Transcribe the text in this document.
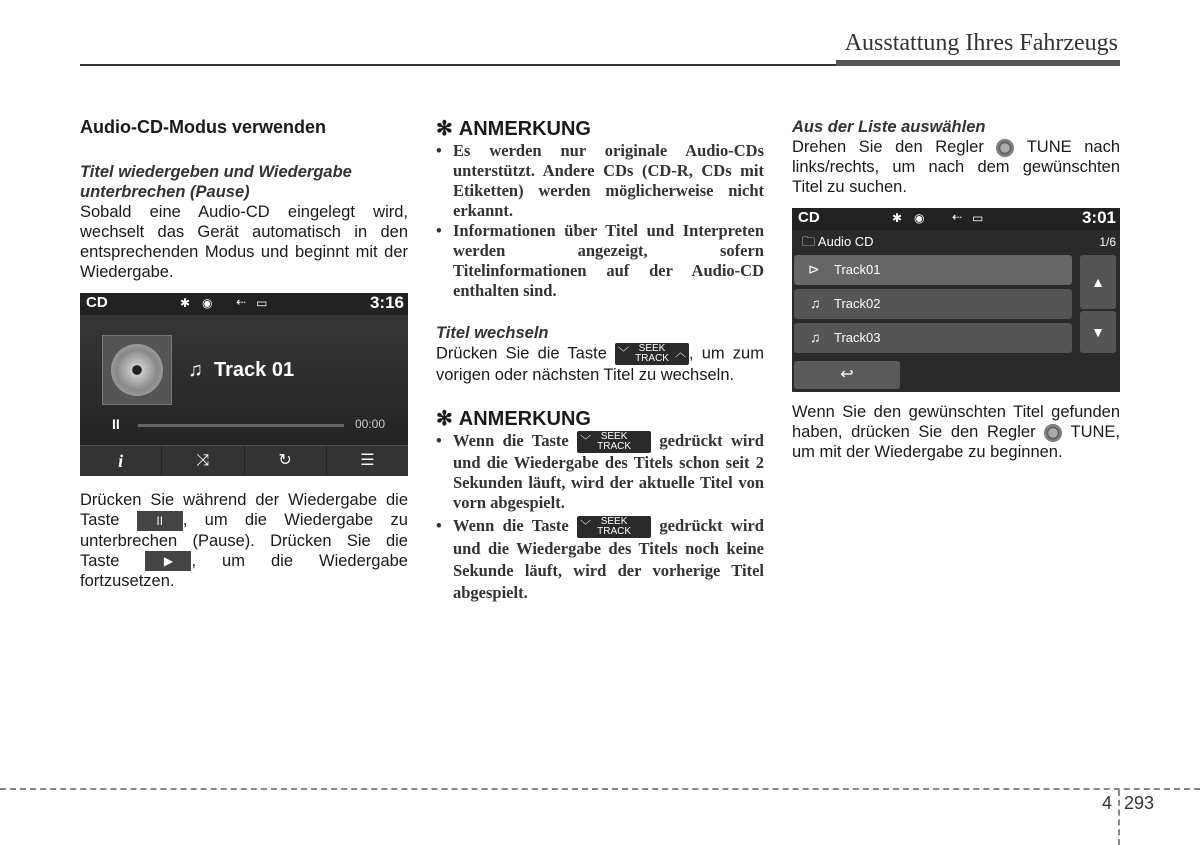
Ausstattung Ihres Fahrzeugs
Audio-CD-Modus verwenden

Titel wiedergeben und Wiedergabe unterbrechen (Pause)

Sobald eine Audio-CD eingelegt wird, wechselt das Gerät automatisch in den entsprechenden Modus und beginnt mit der Wiedergabe.

CD	✱ ◉ ⇠ ▭	3:16
♫ Track 01
II	00:00
i	⤨	↻	☰

Drücken Sie während der Wiedergabe die Taste II , um die Wiedergabe zu unterbrechen (Pause). Drücken Sie die Taste ▶ , um die Wiedergabe fortzusetzen.

✻ ANMERKUNG
• Es werden nur originale Audio-CDs unterstützt. Andere CDs (CD-R, CDs mit Etiketten) werden möglicherweise nicht erkannt.
• Informationen über Titel und Interpreten werden angezeigt, sofern Titelinformationen auf der Audio-CD enthalten sind.

Titel wechseln

Drücken Sie die Taste ﹀ SEEK
TRACK ︿ , um zum vorigen oder nächsten Titel zu wechseln.

✻ ANMERKUNG
• Wenn die Taste ﹀ SEEK
TRACK	gedrückt wird und die Wiedergabe des Titels schon seit 2 Sekunden läuft, wird der aktuelle Titel von vorn abgespielt.
• Wenn die Taste ﹀ SEEK
TRACK	gedrückt wird und die Wiedergabe des Titels noch keine Sekunde läuft, wird der vorherige Titel abgespielt.

Aus der Liste auswählen

Drehen Sie den Regler  TUNE nach links/rechts, um nach dem gewünschten Titel zu suchen.

CD	✱ ◉ ⇠ ▭	3:01
🗀 Audio CD	1/6
⊳ Track01
♫ Track02
♫ Track03
▲
▼
↩

Wenn Sie den gewünschten Titel gefunden haben, drücken Sie den Regler  TUNE, um mit der Wiedergabe zu beginnen.

4 293
